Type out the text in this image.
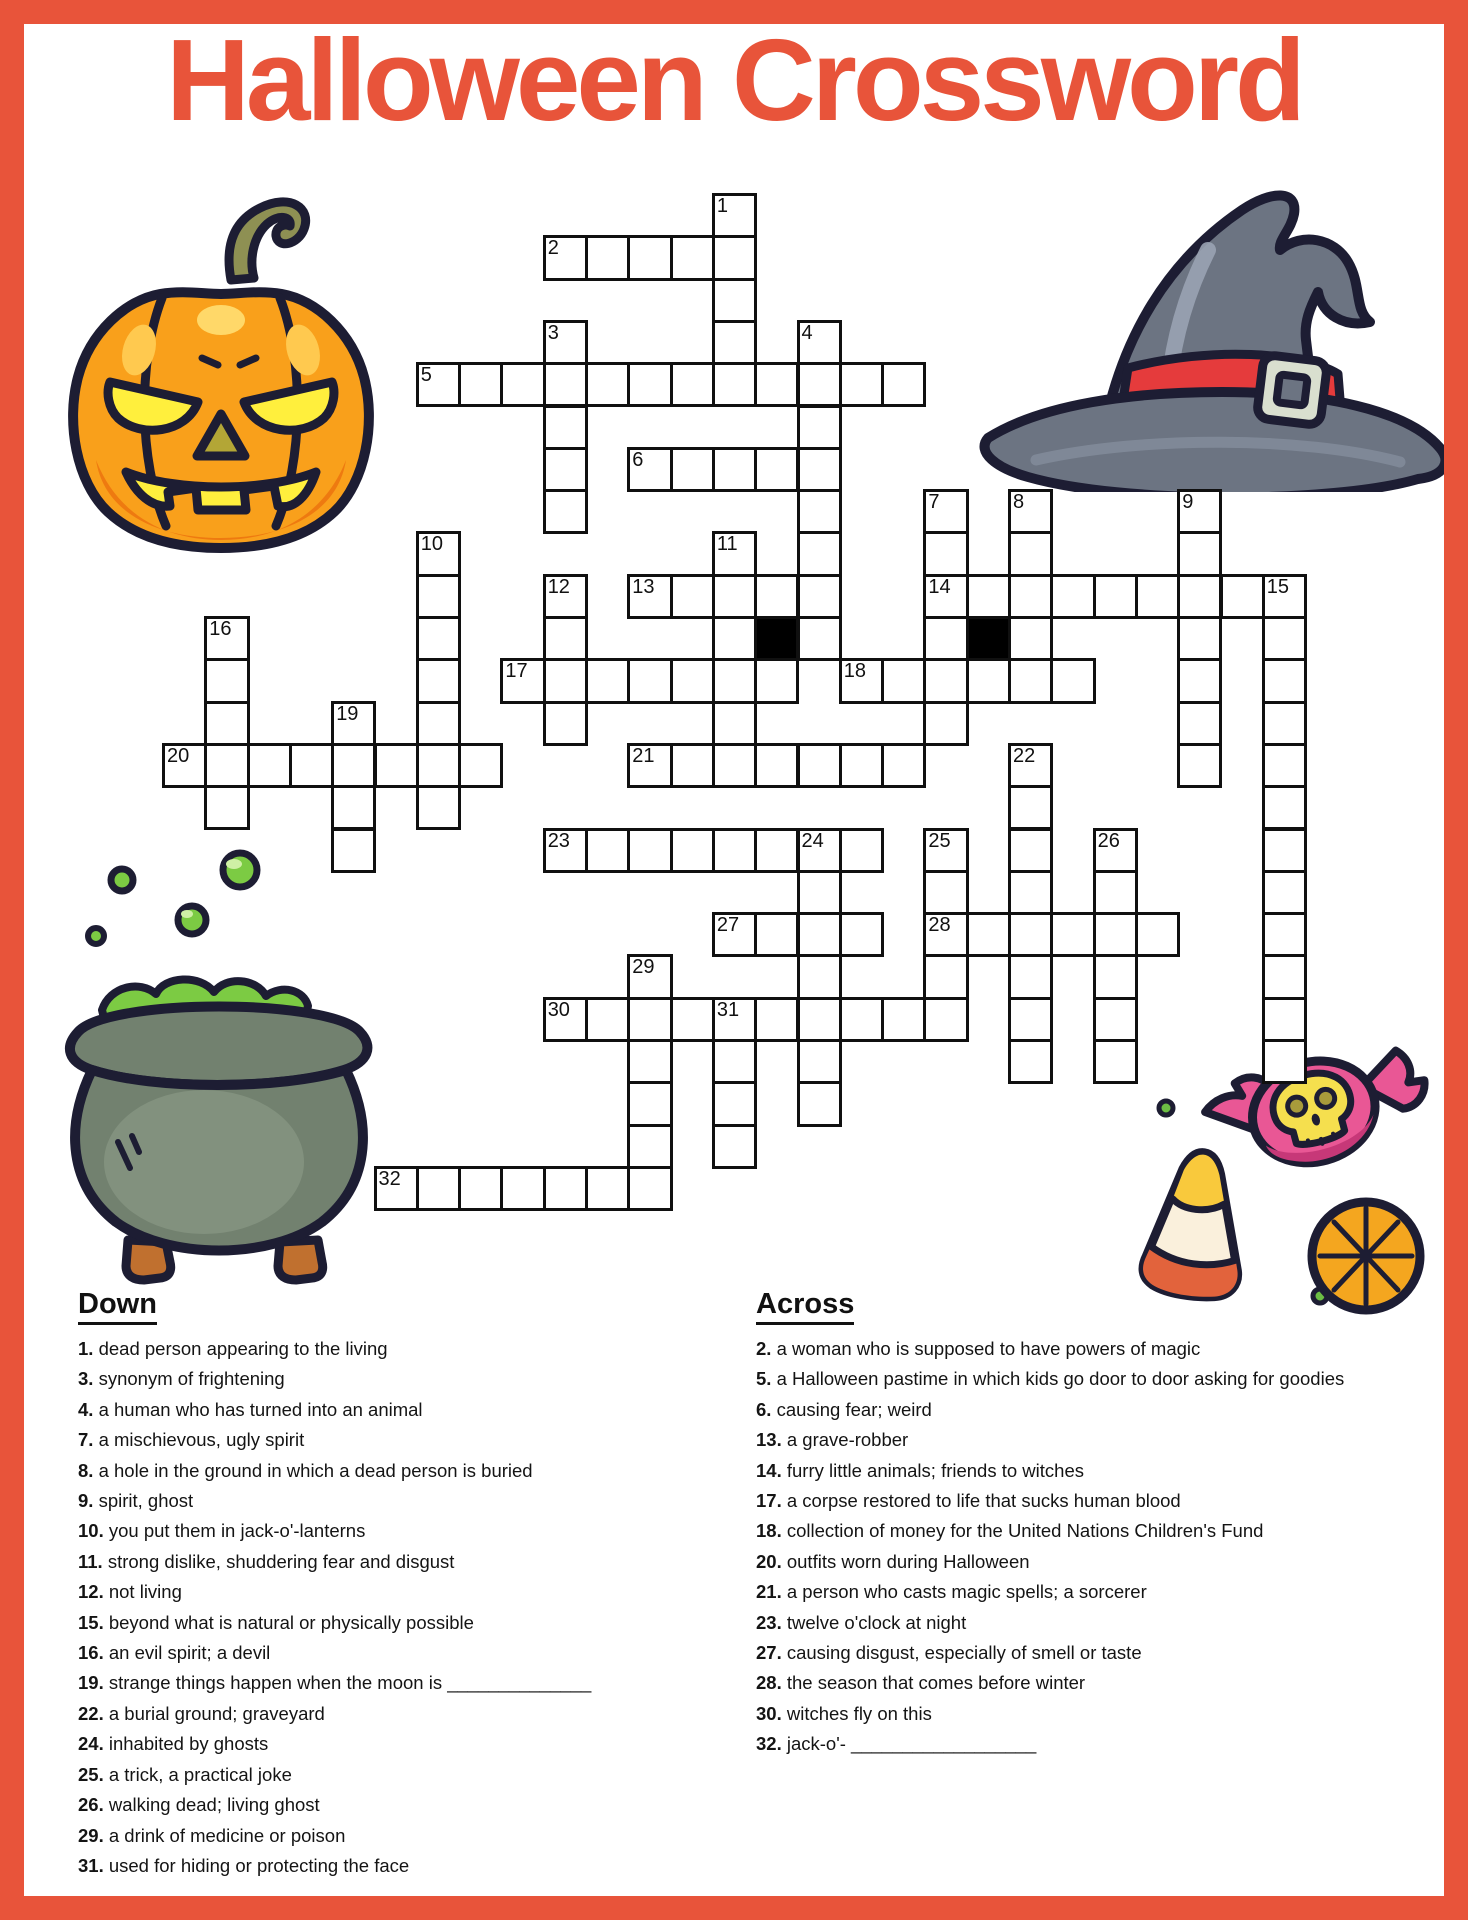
Halloween Crossword
1
2
3	4
5
6
7
14
8	9
10	11
12	13	15
16
17	18
19
20	21	22
23	24	25
28
26
27
29
30	31
32
Down
1. dead person appearing to the living
3. synonym of frightening
4. a human who has turned into an animal
7. a mischievous, ugly spirit
8. a hole in the ground in which a dead person is buried
9. spirit, ghost
10. you put them in jack-o'-lanterns
11. strong dislike, shuddering fear and disgust
12. not living
15. beyond what is natural or physically possible
16. an evil spirit; a devil
19. strange things happen when the moon is ______________
22. a burial ground; graveyard
24. inhabited by ghosts
25. a trick, a practical joke
26. walking dead; living ghost
29. a drink of medicine or poison
31. used for hiding or protecting the face
Across
2. a woman who is supposed to have powers of magic
5. a Halloween pastime in which kids go door to door asking for goodies
6. causing fear; weird
13. a grave-robber
14. furry little animals; friends to witches
17. a corpse restored to life that sucks human blood
18. collection of money for the United Nations Children's Fund
20. outfits worn during Halloween
21. a person who casts magic spells; a sorcerer
23. twelve o'clock at night
27. causing disgust, especially of smell or taste
28. the season that comes before winter
30. witches fly on this
32. jack-o'- __________________
